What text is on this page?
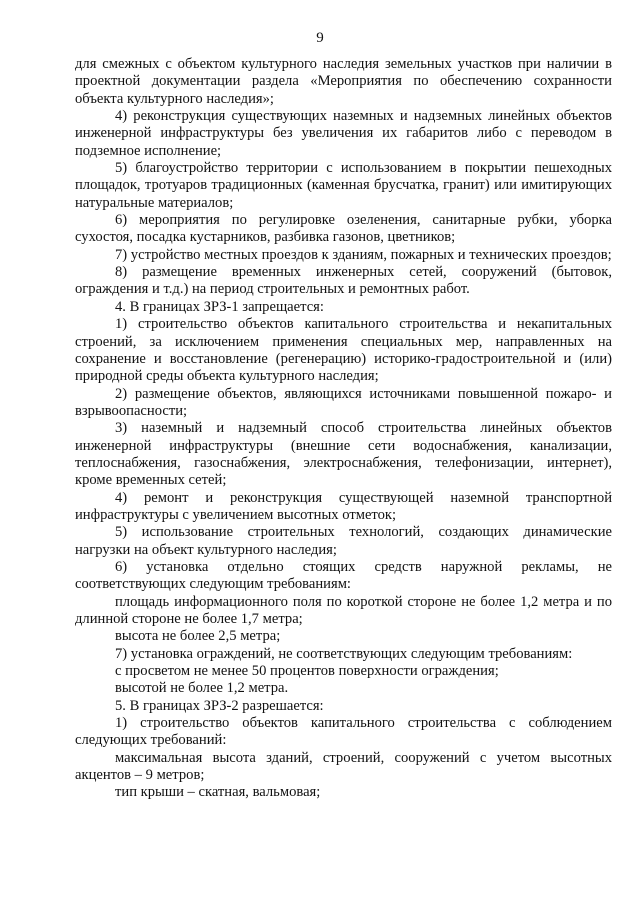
9

для смежных с объектом культурного наследия земельных участков при наличии в проектной документации раздела «Мероприятия по обеспечению сохранности объекта культурного наследия»;

4) реконструкция существующих наземных и надземных линейных объектов инженерной инфраструктуры без увеличения их габаритов либо с переводом в подземное исполнение;

5) благоустройство территории с использованием в покрытии пешеходных площадок, тротуаров традиционных (каменная брусчатка, гранит) или имитирующих натуральные материалов;

6) мероприятия по регулировке озеленения, санитарные рубки, уборка сухостоя, посадка кустарников, разбивка газонов, цветников;

7) устройство местных проездов к зданиям, пожарных и технических проездов;

8) размещение временных инженерных сетей, сооружений (бытовок, ограждения и т.д.) на период строительных и ремонтных работ.

4. В границах ЗРЗ-1 запрещается:

1) строительство объектов капитального строительства и некапитальных строений, за исключением применения специальных мер, направленных на сохранение и восстановление (регенерацию) историко-градостроительной и (или) природной среды объекта культурного наследия;

2) размещение объектов, являющихся источниками повышенной пожаро- и взрывоопасности;

3) наземный и надземный способ строительства линейных объектов инженерной инфраструктуры (внешние сети водоснабжения, канализации, теплоснабжения, газоснабжения, электроснабжения, телефонизации, интернет), кроме временных сетей;

4) ремонт и реконструкция существующей наземной транспортной инфраструктуры с увеличением высотных отметок;

5) использование строительных технологий, создающих динамические нагрузки на объект культурного наследия;

6) установка отдельно стоящих средств наружной рекламы, не соответствующих следующим требованиям:

площадь информационного поля по короткой стороне не более 1,2 метра и по длинной стороне не более 1,7 метра;

высота не более 2,5 метра;

7) установка ограждений, не соответствующих следующим требованиям:

с просветом не менее 50 процентов поверхности ограждения;

высотой не более 1,2 метра.

5. В границах ЗРЗ-2 разрешается:

1) строительство объектов капитального строительства с соблюдением следующих требований:

максимальная высота зданий, строений, сооружений с учетом высотных акцентов – 9 метров;

тип крыши – скатная, вальмовая;
